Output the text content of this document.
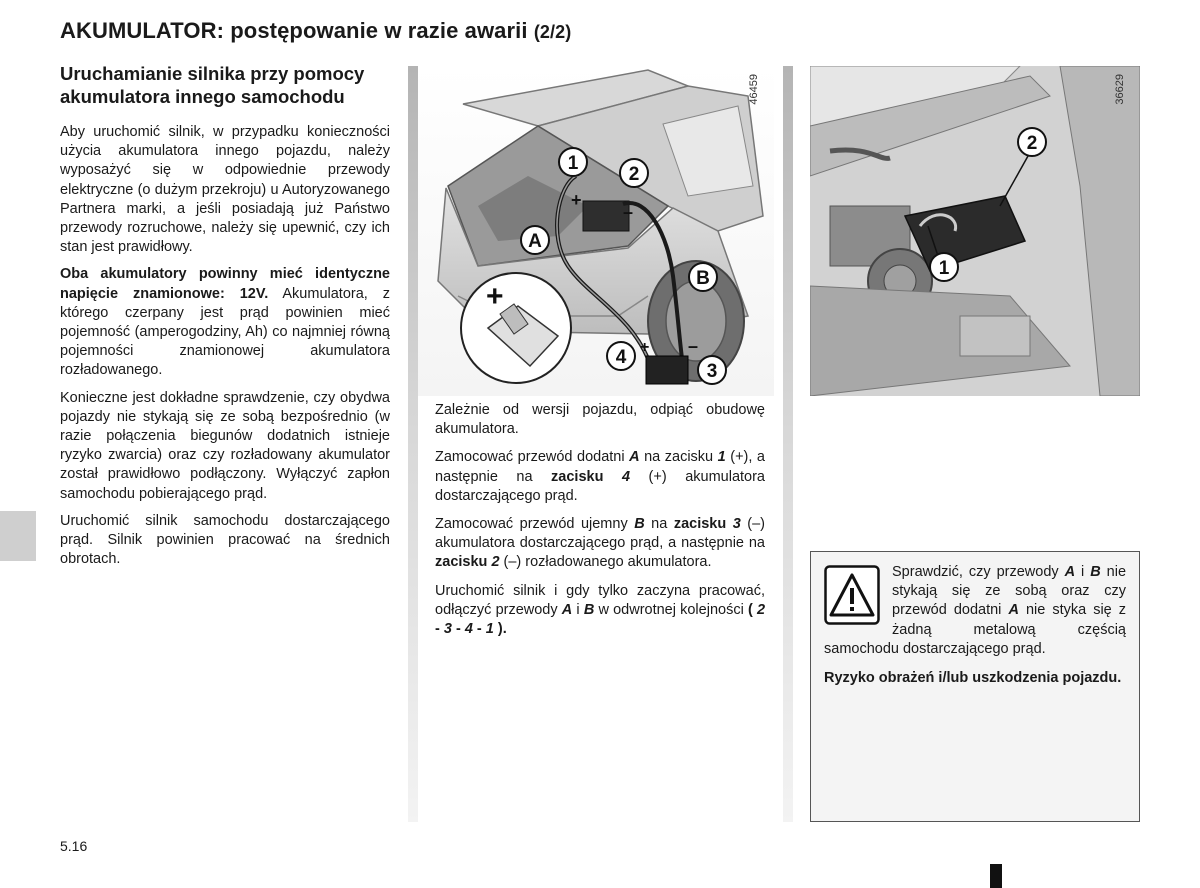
AKUMULATOR: postępowanie w razie awarii (2/2)
Uruchamianie silnika przy pomocy akumulatora innego samochodu

Aby uruchomić silnik, w przypadku konieczności użycia akumulatora innego pojazdu, należy wyposażyć się w odpowiednie przewody elektryczne (o dużym przekroju) u Autoryzowanego Partnera marki, a jeśli posiadają już Państwo przewody rozruchowe, należy się upewnić, czy ich stan jest prawidłowy.

Oba akumulatory powinny mieć identyczne napięcie znamionowe: 12V. Akumulatora, z którego czerpany jest prąd powinien mieć pojemność (amperogodziny, Ah) co najmniej równą pojemności znamionowej akumulatora rozładowanego.

Konieczne jest dokładne sprawdzenie, czy obydwa pojazdy nie stykają się ze sobą bezpośrednio (w razie połączenia biegunów dodatnich istnieje ryzyko zwarcia) oraz czy rozładowany akumulator został prawidłowo podłączony. Wyłączyć zapłon samochodu pobierającego prąd.

Uruchomić silnik samochodu dostarczającego prąd. Silnik powinien pracować na średnich obrotach.

+
–
+ –
+
1
2
A
B
4
3
46459
2
1
36629

Zależnie od wersji pojazdu, odpiąć obudowę akumulatora.

Zamocować przewód dodatni A na zacisku 1 (+), a następnie na zacisku 4 (+) akumulatora dostarczającego prąd.

Zamocować przewód ujemny B na zacisku 3 (–) akumulatora dostarczającego prąd, a następnie na zacisku 2 (–) rozładowanego akumulatora.

Uruchomić silnik i gdy tylko zaczyna pracować, odłączyć przewody A i B w odwrotnej kolejności ( 2 - 3 - 4 - 1 ).

Sprawdzić, czy przewody A i B nie stykają się ze sobą oraz czy przewód dodatni A nie styka się z żadną metalową częścią samochodu dostarczającego prąd.

Ryzyko obrażeń i/lub uszkodzenia pojazdu.

5.16
